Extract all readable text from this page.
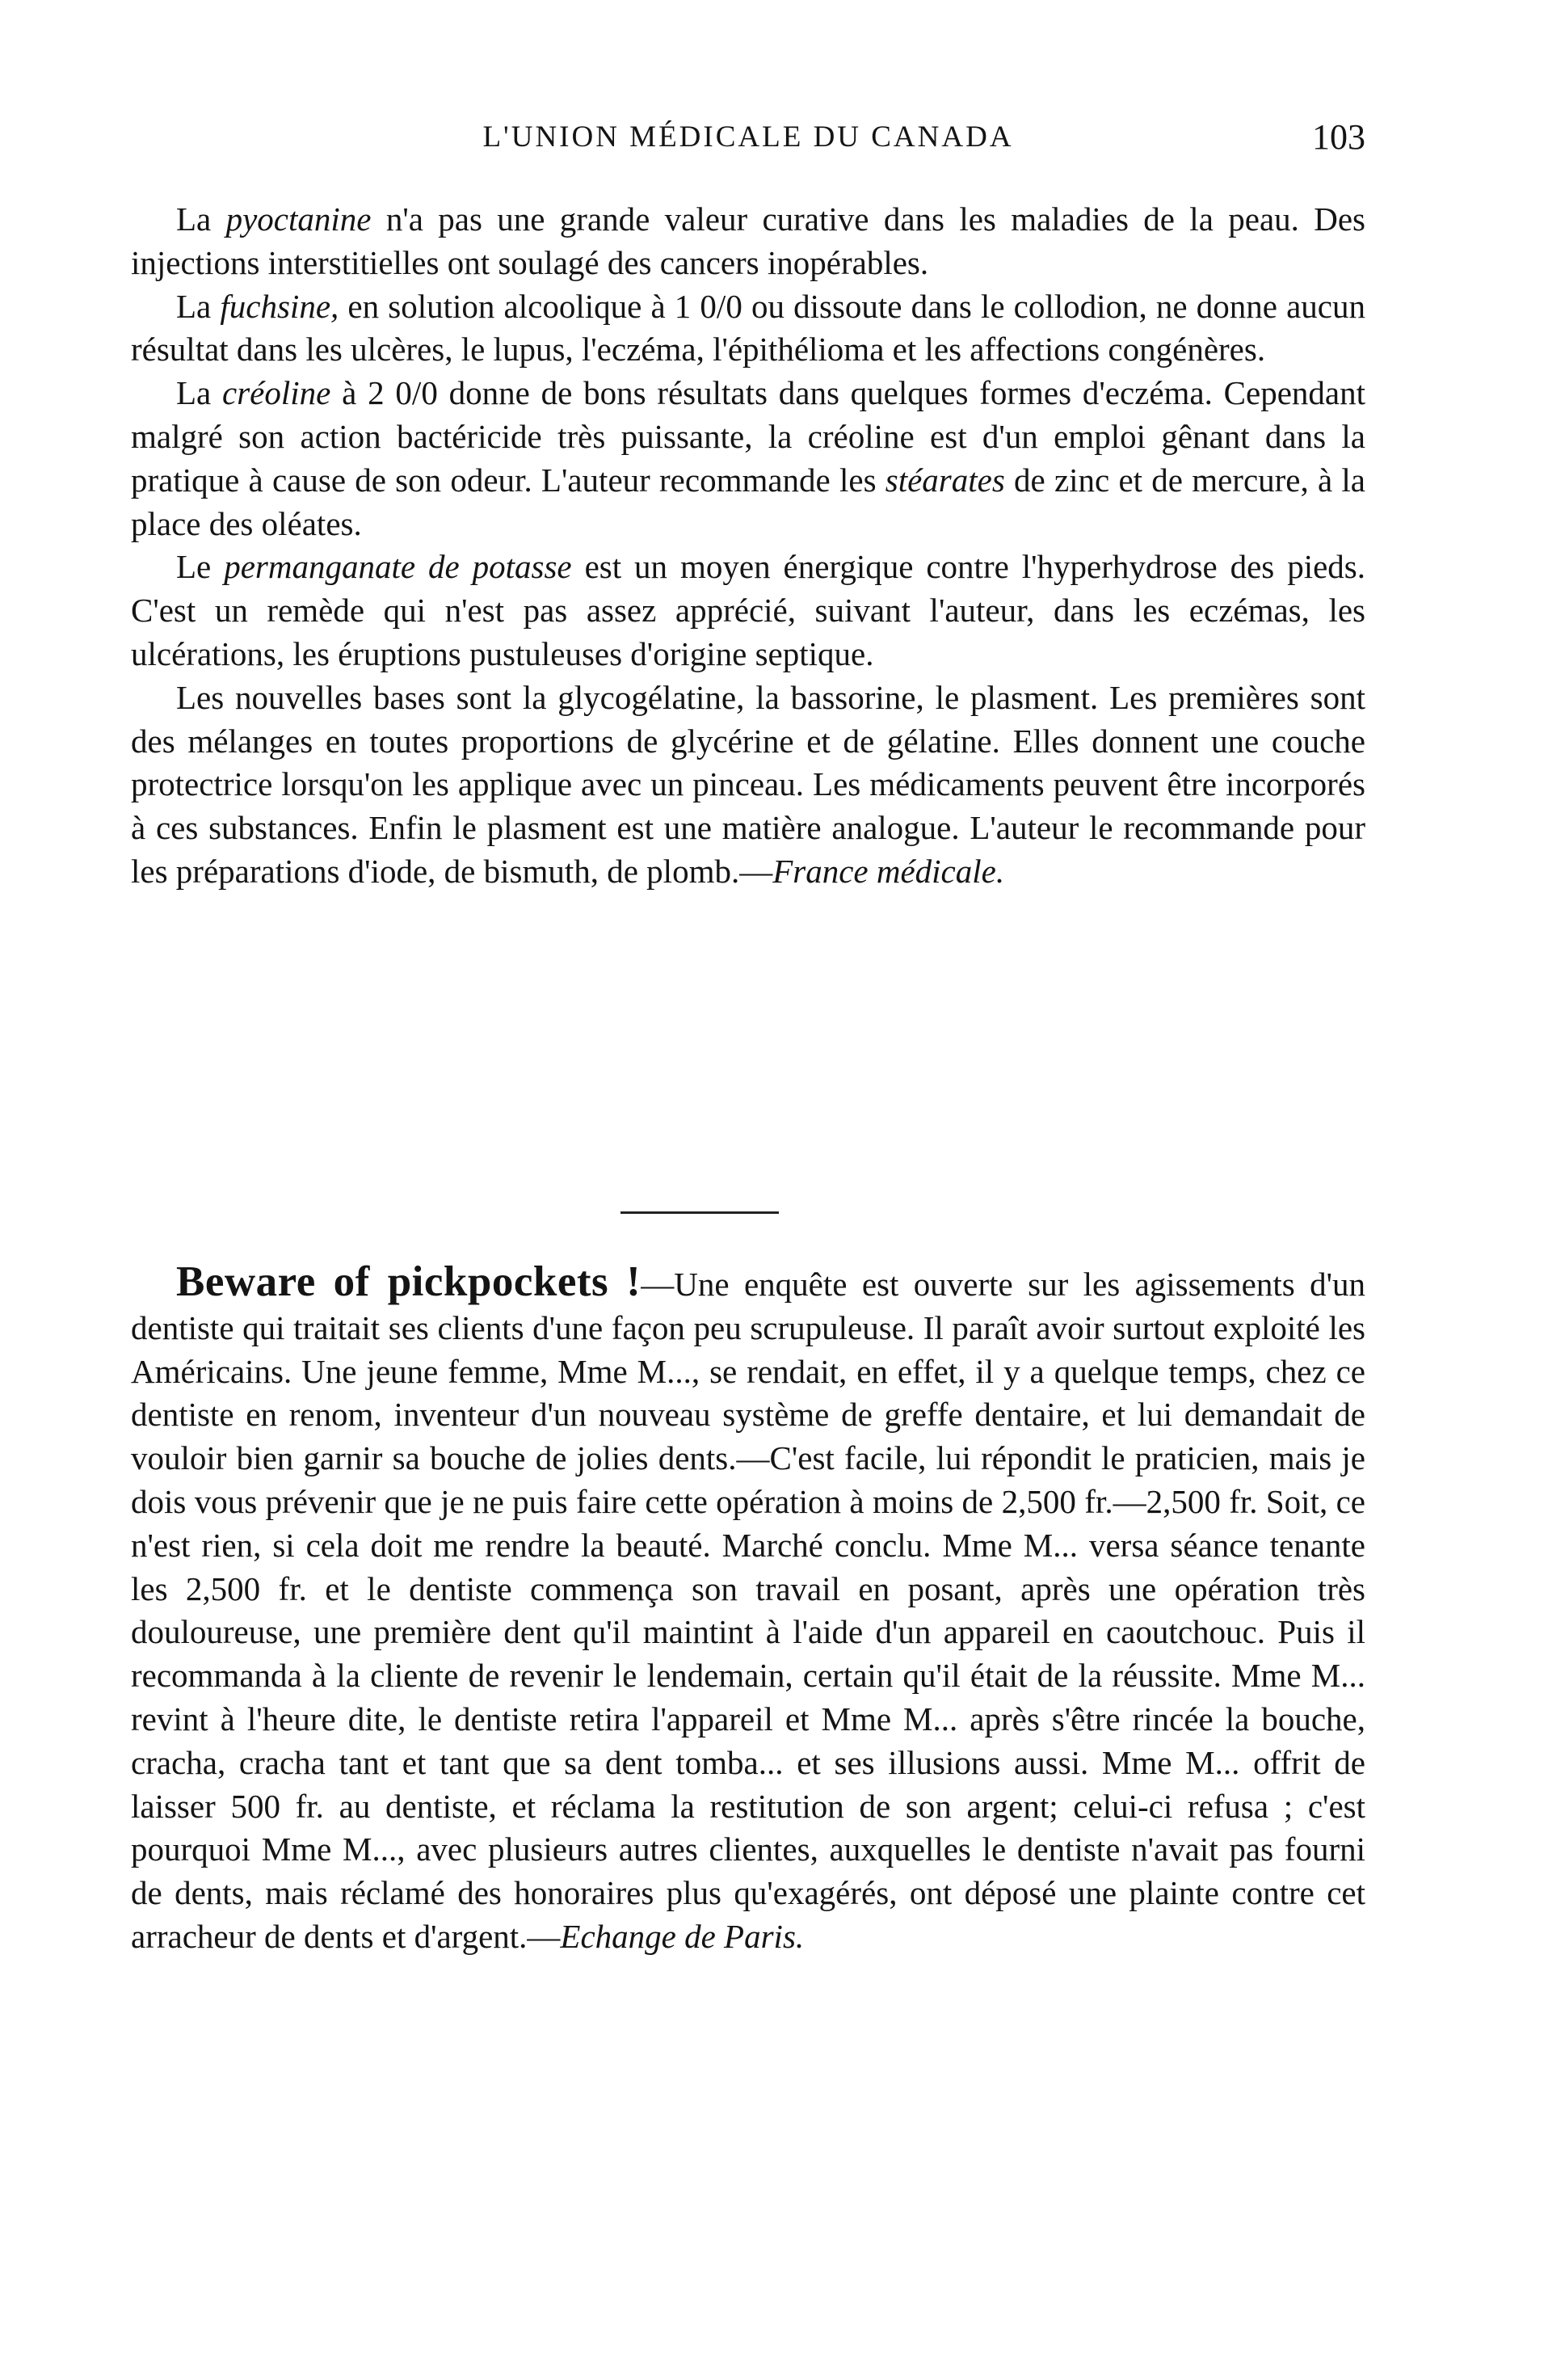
L'UNION MÉDICALE DU CANADA	103

La pyoctanine n'a pas une grande valeur curative dans les maladies de la peau. Des injections interstitielles ont soulagé des cancers inopérables.

La fuchsine, en solution alcoolique à 1 0/0 ou dissoute dans le collodion, ne donne aucun résultat dans les ulcères, le lupus, l'eczéma, l'épithélioma et les affections congénères.

La créoline à 2 0/0 donne de bons résultats dans quelques formes d'eczéma. Cependant malgré son action bactéricide très puissante, la créoline est d'un emploi gênant dans la pratique à cause de son odeur. L'auteur recommande les stéarates de zinc et de mercure, à la place des oléates.

Le permanganate de potasse est un moyen énergique contre l'hyperhydrose des pieds. C'est un remède qui n'est pas assez apprécié, suivant l'auteur, dans les eczémas, les ulcérations, les éruptions pustuleuses d'origine septique.

Les nouvelles bases sont la glycogélatine, la bassorine, le plasment. Les premières sont des mélanges en toutes proportions de glycérine et de gélatine. Elles donnent une couche protectrice lorsqu'on les applique avec un pinceau. Les médicaments peuvent être incorporés à ces substances. Enfin le plasment est une matière analogue. L'auteur le recommande pour les préparations d'iode, de bismuth, de plomb.—France médicale.

Beware of pickpockets !—Une enquête est ouverte sur les agissements d'un dentiste qui traitait ses clients d'une façon peu scrupuleuse. Il paraît avoir surtout exploité les Américains. Une jeune femme, Mme M..., se rendait, en effet, il y a quelque temps, chez ce dentiste en renom, inventeur d'un nouveau système de greffe dentaire, et lui demandait de vouloir bien garnir sa bouche de jolies dents.—C'est facile, lui répondit le praticien, mais je dois vous prévenir que je ne puis faire cette opération à moins de 2,500 fr.—2,500 fr. Soit, ce n'est rien, si cela doit me rendre la beauté. Marché conclu. Mme M... versa séance tenante les 2,500 fr. et le dentiste commença son travail en posant, après une opération très douloureuse, une première dent qu'il maintint à l'aide d'un appareil en caoutchouc. Puis il recommanda à la cliente de revenir le lendemain, certain qu'il était de la réussite. Mme M... revint à l'heure dite, le dentiste retira l'appareil et Mme M... après s'être rincée la bouche, cracha, cracha tant et tant que sa dent tomba... et ses illusions aussi. Mme M... offrit de laisser 500 fr. au dentiste, et réclama la restitution de son argent; celui-ci refusa ; c'est pourquoi Mme M..., avec plusieurs autres clientes, auxquelles le dentiste n'avait pas fourni de dents, mais réclamé des honoraires plus qu'exagérés, ont déposé une plainte contre cet arracheur de dents et d'argent.—Echange de Paris.
